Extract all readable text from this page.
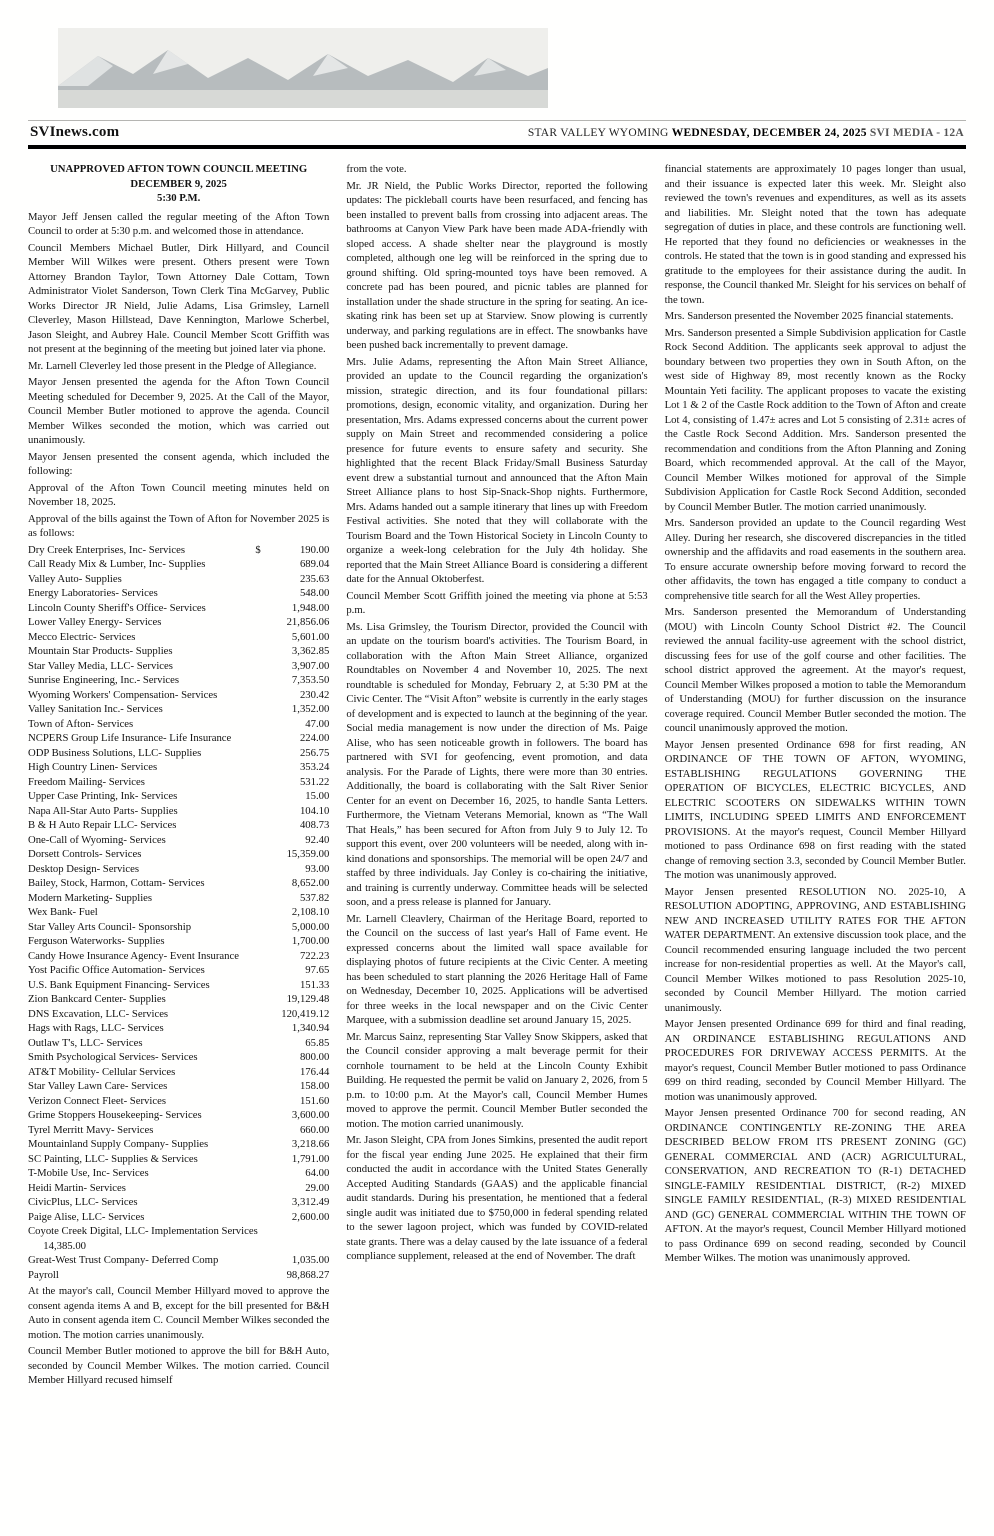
SVInews.com	STAR VALLEY WYOMING WEDNESDAY, DECEMBER 24, 2025 SVI MEDIA - 12A
UNAPPROVED AFTON TOWN COUNCIL MEETING
DECEMBER 9, 2025
5:30 P.M.

Mayor Jeff Jensen called the regular meeting of the Afton Town Council to order at 5:30 p.m. and welcomed those in attendance.

Council Members Michael Butler, Dirk Hillyard, and Council Member Will Wilkes were present. Others present were Town Attorney Brandon Taylor, Town Attorney Dale Cottam, Town Administrator Violet Sanderson, Town Clerk Tina McGarvey, Public Works Director JR Nield, Julie Adams, Lisa Grimsley, Larnell Cleverley, Mason Hillstead, Dave Kennington, Marlowe Scherbel, Jason Sleight, and Aubrey Hale. Council Member Scott Griffith was not present at the beginning of the meeting but joined later via phone.

Mr. Larnell Cleverley led those present in the Pledge of Allegiance.

Mayor Jensen presented the agenda for the Afton Town Council Meeting scheduled for December 9, 2025. At the Call of the Mayor, Council Member Butler motioned to approve the agenda. Council Member Wilkes seconded the motion, which was carried out unanimously.

Mayor Jensen presented the consent agenda, which included the following:

Approval of the Afton Town Council meeting minutes held on November 18, 2025.

Approval of the bills against the Town of Afton for November 2025 is as follows:

Dry Creek Enterprises, Inc- Services	$	190.00
Call Ready Mix & Lumber, Inc- Supplies	689.04
Valley Auto- Supplies	235.63
Energy Laboratories- Services	548.00
Lincoln County Sheriff's Office- Services	1,948.00
Lower Valley Energy- Services	21,856.06
Mecco Electric- Services	5,601.00
Mountain Star Products- Supplies	3,362.85
Star Valley Media, LLC- Services	3,907.00
Sunrise Engineering, Inc.- Services	7,353.50
Wyoming Workers' Compensation- Services	230.42
Valley Sanitation Inc.- Services	1,352.00
Town of Afton- Services	47.00
NCPERS Group Life Insurance- Life Insurance	224.00
ODP Business Solutions, LLC- Supplies	256.75
High Country Linen- Services	353.24
Freedom Mailing- Services	531.22
Upper Case Printing, Ink- Services	15.00
Napa All-Star Auto Parts- Supplies	104.10
B & H Auto Repair LLC- Services	408.73
One-Call of Wyoming- Services	92.40
Dorsett Controls- Services	15,359.00
Desktop Design- Services	93.00
Bailey, Stock, Harmon, Cottam- Services	8,652.00
Modern Marketing- Supplies	537.82
Wex Bank- Fuel	2,108.10
Star Valley Arts Council- Sponsorship	5,000.00
Ferguson Waterworks- Supplies	1,700.00
Candy Howe Insurance Agency- Event Insurance	722.23
Yost Pacific Office Automation- Services	97.65
U.S. Bank Equipment Financing- Services	151.33
Zion Bankcard Center- Supplies	19,129.48
DNS Excavation, LLC- Services	120,419.12
Hags with Rags, LLC- Services	1,340.94
Outlaw T's, LLC- Services	65.85
Smith Psychological Services- Services	800.00
AT&T Mobility- Cellular Services	176.44
Star Valley Lawn Care- Services	158.00
Verizon Connect Fleet- Services	151.60
Grime Stoppers Housekeeping- Services	3,600.00
Tyrel Merritt Mavy- Services	660.00
Mountainland Supply Company- Supplies	3,218.66
SC Painting, LLC- Supplies & Services	1,791.00
T-Mobile Use, Inc- Services	64.00
Heidi Martin- Services	29.00
CivicPlus, LLC- Services	3,312.49
Paige Alise, LLC- Services	2,600.00
Coyote Creek Digital, LLC- Implementation Services
14,385.00
Great-West Trust Company- Deferred Comp	1,035.00
Payroll	98,868.27

At the mayor's call, Council Member Hillyard moved to approve the consent agenda items A and B, except for the bill presented for B&H Auto in consent agenda item C. Council Member Wilkes seconded the motion. The motion carries unanimously.

Council Member Butler motioned to approve the bill for B&H Auto, seconded by Council Member Wilkes. The motion carried. Council Member Hillyard recused himself

from the vote.

Mr. JR Nield, the Public Works Director, reported the following updates: The pickleball courts have been resurfaced, and fencing has been installed to prevent balls from crossing into adjacent areas. The bathrooms at Canyon View Park have been made ADA-friendly with sloped access. A shade shelter near the playground is mostly completed, although one leg will be reinforced in the spring due to ground shifting. Old spring-mounted toys have been removed. A concrete pad has been poured, and picnic tables are planned for installation under the shade structure in the spring for seating. An ice-skating rink has been set up at Starview. Snow plowing is currently underway, and parking regulations are in effect. The snowbanks have been pushed back incrementally to prevent damage.

Mrs. Julie Adams, representing the Afton Main Street Alliance, provided an update to the Council regarding the organization's mission, strategic direction, and its four foundational pillars: promotions, design, economic vitality, and organization. During her presentation, Mrs. Adams expressed concerns about the current power supply on Main Street and recommended considering a police presence for future events to ensure safety and security. She highlighted that the recent Black Friday/Small Business Saturday event drew a substantial turnout and announced that the Afton Main Street Alliance plans to host Sip-Snack-Shop nights. Furthermore, Mrs. Adams handed out a sample itinerary that lines up with Freedom Festival activities. She noted that they will collaborate with the Tourism Board and the Town Historical Society in Lincoln County to organize a week-long celebration for the July 4th holiday. She reported that the Main Street Alliance Board is considering a different date for the Annual Oktoberfest.

Council Member Scott Griffith joined the meeting via phone at 5:53 p.m.

Ms. Lisa Grimsley, the Tourism Director, provided the Council with an update on the tourism board's activities. The Tourism Board, in collaboration with the Afton Main Street Alliance, organized Roundtables on November 4 and November 10, 2025. The next roundtable is scheduled for Monday, February 2, at 5:30 PM at the Civic Center. The “Visit Afton” website is currently in the early stages of development and is expected to launch at the beginning of the year. Social media management is now under the direction of Ms. Paige Alise, who has seen noticeable growth in followers. The board has partnered with SVI for geofencing, event promotion, and data analysis. For the Parade of Lights, there were more than 30 entries. Additionally, the board is collaborating with the Salt River Senior Center for an event on December 16, 2025, to handle Santa Letters. Furthermore, the Vietnam Veterans Memorial, known as “The Wall That Heals,” has been secured for Afton from July 9 to July 12. To support this event, over 200 volunteers will be needed, along with in-kind donations and sponsorships. The memorial will be open 24/7 and staffed by three individuals. Jay Conley is co-chairing the initiative, and training is currently underway. Committee heads will be selected soon, and a press release is planned for January.

Mr. Larnell Cleavlery, Chairman of the Heritage Board, reported to the Council on the success of last year's Hall of Fame event. He expressed concerns about the limited wall space available for displaying photos of future recipients at the Civic Center. A meeting has been scheduled to start planning the 2026 Heritage Hall of Fame on Wednesday, December 10, 2025. Applications will be advertised for three weeks in the local newspaper and on the Civic Center Marquee, with a submission deadline set around January 15, 2025.

Mr. Marcus Sainz, representing Star Valley Snow Skippers, asked that the Council consider approving a malt beverage permit for their cornhole tournament to be held at the Lincoln County Exhibit Building. He requested the permit be valid on January 2, 2026, from 5 p.m. to 10:00 p.m. At the Mayor's call, Council Member Humes moved to approve the permit. Council Member Butler seconded the motion. The motion carried unanimously.

Mr. Jason Sleight, CPA from Jones Simkins, presented the audit report for the fiscal year ending June 2025. He explained that their firm conducted the audit in accordance with the United States Generally Accepted Auditing Standards (GAAS) and the applicable financial audit standards. During his presentation, he mentioned that a federal single audit was initiated due to $750,000 in federal spending related to the sewer lagoon project, which was funded by COVID-related state grants. There was a delay caused by the late issuance of a federal compliance supplement, released at the end of November. The draft

financial statements are approximately 10 pages longer than usual, and their issuance is expected later this week. Mr. Sleight also reviewed the town's revenues and expenditures, as well as its assets and liabilities. Mr. Sleight noted that the town has adequate segregation of duties in place, and these controls are functioning well. He reported that they found no deficiencies or weaknesses in the controls. He stated that the town is in good standing and expressed his gratitude to the employees for their assistance during the audit. In response, the Council thanked Mr. Sleight for his services on behalf of the town.

Mrs. Sanderson presented the November 2025 financial statements.

Mrs. Sanderson presented a Simple Subdivision application for Castle Rock Second Addition. The applicants seek approval to adjust the boundary between two properties they own in South Afton, on the west side of Highway 89, most recently known as the Rocky Mountain Yeti facility. The applicant proposes to vacate the existing Lot 1 & 2 of the Castle Rock addition to the Town of Afton and create Lot 4, consisting of 1.47± acres and Lot 5 consisting of 2.31± acres of the Castle Rock Second Addition. Mrs. Sanderson presented the recommendation and conditions from the Afton Planning and Zoning Board, which recommended approval. At the call of the Mayor, Council Member Wilkes motioned for approval of the Simple Subdivision Application for Castle Rock Second Addition, seconded by Council Member Butler. The motion carried unanimously.

Mrs. Sanderson provided an update to the Council regarding West Alley. During her research, she discovered discrepancies in the titled ownership and the affidavits and road easements in the southern area. To ensure accurate ownership before moving forward to record the other affidavits, the town has engaged a title company to conduct a comprehensive title search for all the West Alley properties.

Mrs. Sanderson presented the Memorandum of Understanding (MOU) with Lincoln County School District #2. The Council reviewed the annual facility-use agreement with the school district, discussing fees for use of the golf course and other facilities. The school district approved the agreement. At the mayor's request, Council Member Wilkes proposed a motion to table the Memorandum of Understanding (MOU) for further discussion on the insurance coverage required. Council Member Butler seconded the motion. The council unanimously approved the motion.

Mayor Jensen presented Ordinance 698 for first reading, AN ORDINANCE OF THE TOWN OF AFTON, WYOMING, ESTABLISHING REGULATIONS GOVERNING THE OPERATION OF BICYCLES, ELECTRIC BICYCLES, AND ELECTRIC SCOOTERS ON SIDEWALKS WITHIN TOWN LIMITS, INCLUDING SPEED LIMITS AND ENFORCEMENT PROVISIONS. At the mayor's request, Council Member Hillyard motioned to pass Ordinance 698 on first reading with the stated change of removing section 3.3, seconded by Council Member Butler. The motion was unanimously approved.

Mayor Jensen presented RESOLUTION NO. 2025-10, A RESOLUTION ADOPTING, APPROVING, AND ESTABLISHING NEW AND INCREASED UTILITY RATES FOR THE AFTON WATER DEPARTMENT. An extensive discussion took place, and the Council recommended ensuring language included the two percent increase for non-residential properties as well. At the Mayor's call, Council Member Wilkes motioned to pass Resolution 2025-10, seconded by Council Member Hillyard. The motion carried unanimously.

Mayor Jensen presented Ordinance 699 for third and final reading, AN ORDINANCE ESTABLISHING REGULATIONS AND PROCEDURES FOR DRIVEWAY ACCESS PERMITS. At the mayor's request, Council Member Butler motioned to pass Ordinance 699 on third reading, seconded by Council Member Hillyard. The motion was unanimously approved.

Mayor Jensen presented Ordinance 700 for second reading, AN ORDINANCE CONTINGENTLY RE-ZONING THE AREA DESCRIBED BELOW FROM ITS PRESENT ZONING (GC) GENERAL COMMERCIAL AND (ACR) AGRICULTURAL, CONSERVATION, AND RECREATION TO (R-1) DETACHED SINGLE-FAMILY RESIDENTIAL DISTRICT, (R-2) MIXED SINGLE FAMILY RESIDENTIAL, (R-3) MIXED RESIDENTIAL AND (GC) GENERAL COMMERCIAL WITHIN THE TOWN OF AFTON. At the mayor's request, Council Member Hillyard motioned to pass Ordinance 699 on second reading, seconded by Council Member Wilkes. The motion was unanimously approved.
